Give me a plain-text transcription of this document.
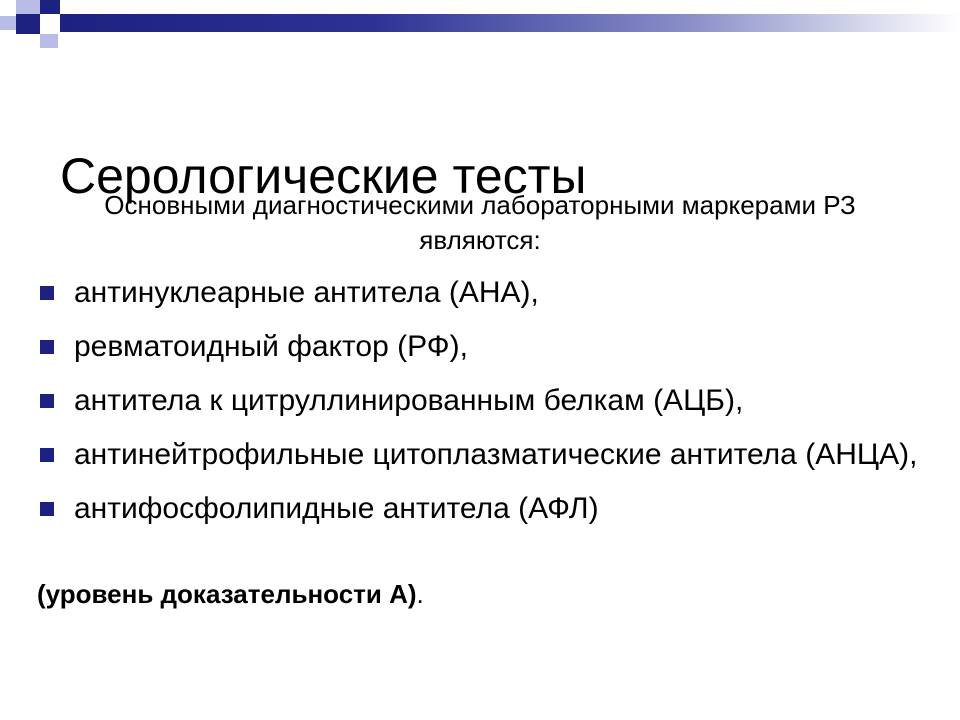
Серологические тесты
Основными диагностическими лабораторными маркерами РЗ являются:
антинуклеарные антитела (АНА),
ревматоидный фактор (РФ),
антитела к цитруллинированным белкам (АЦБ),
антинейтрофильные цитоплазматические антитела (АНЦА),
антифосфолипидные антитела (АФЛ)
(уровень доказательности А).
